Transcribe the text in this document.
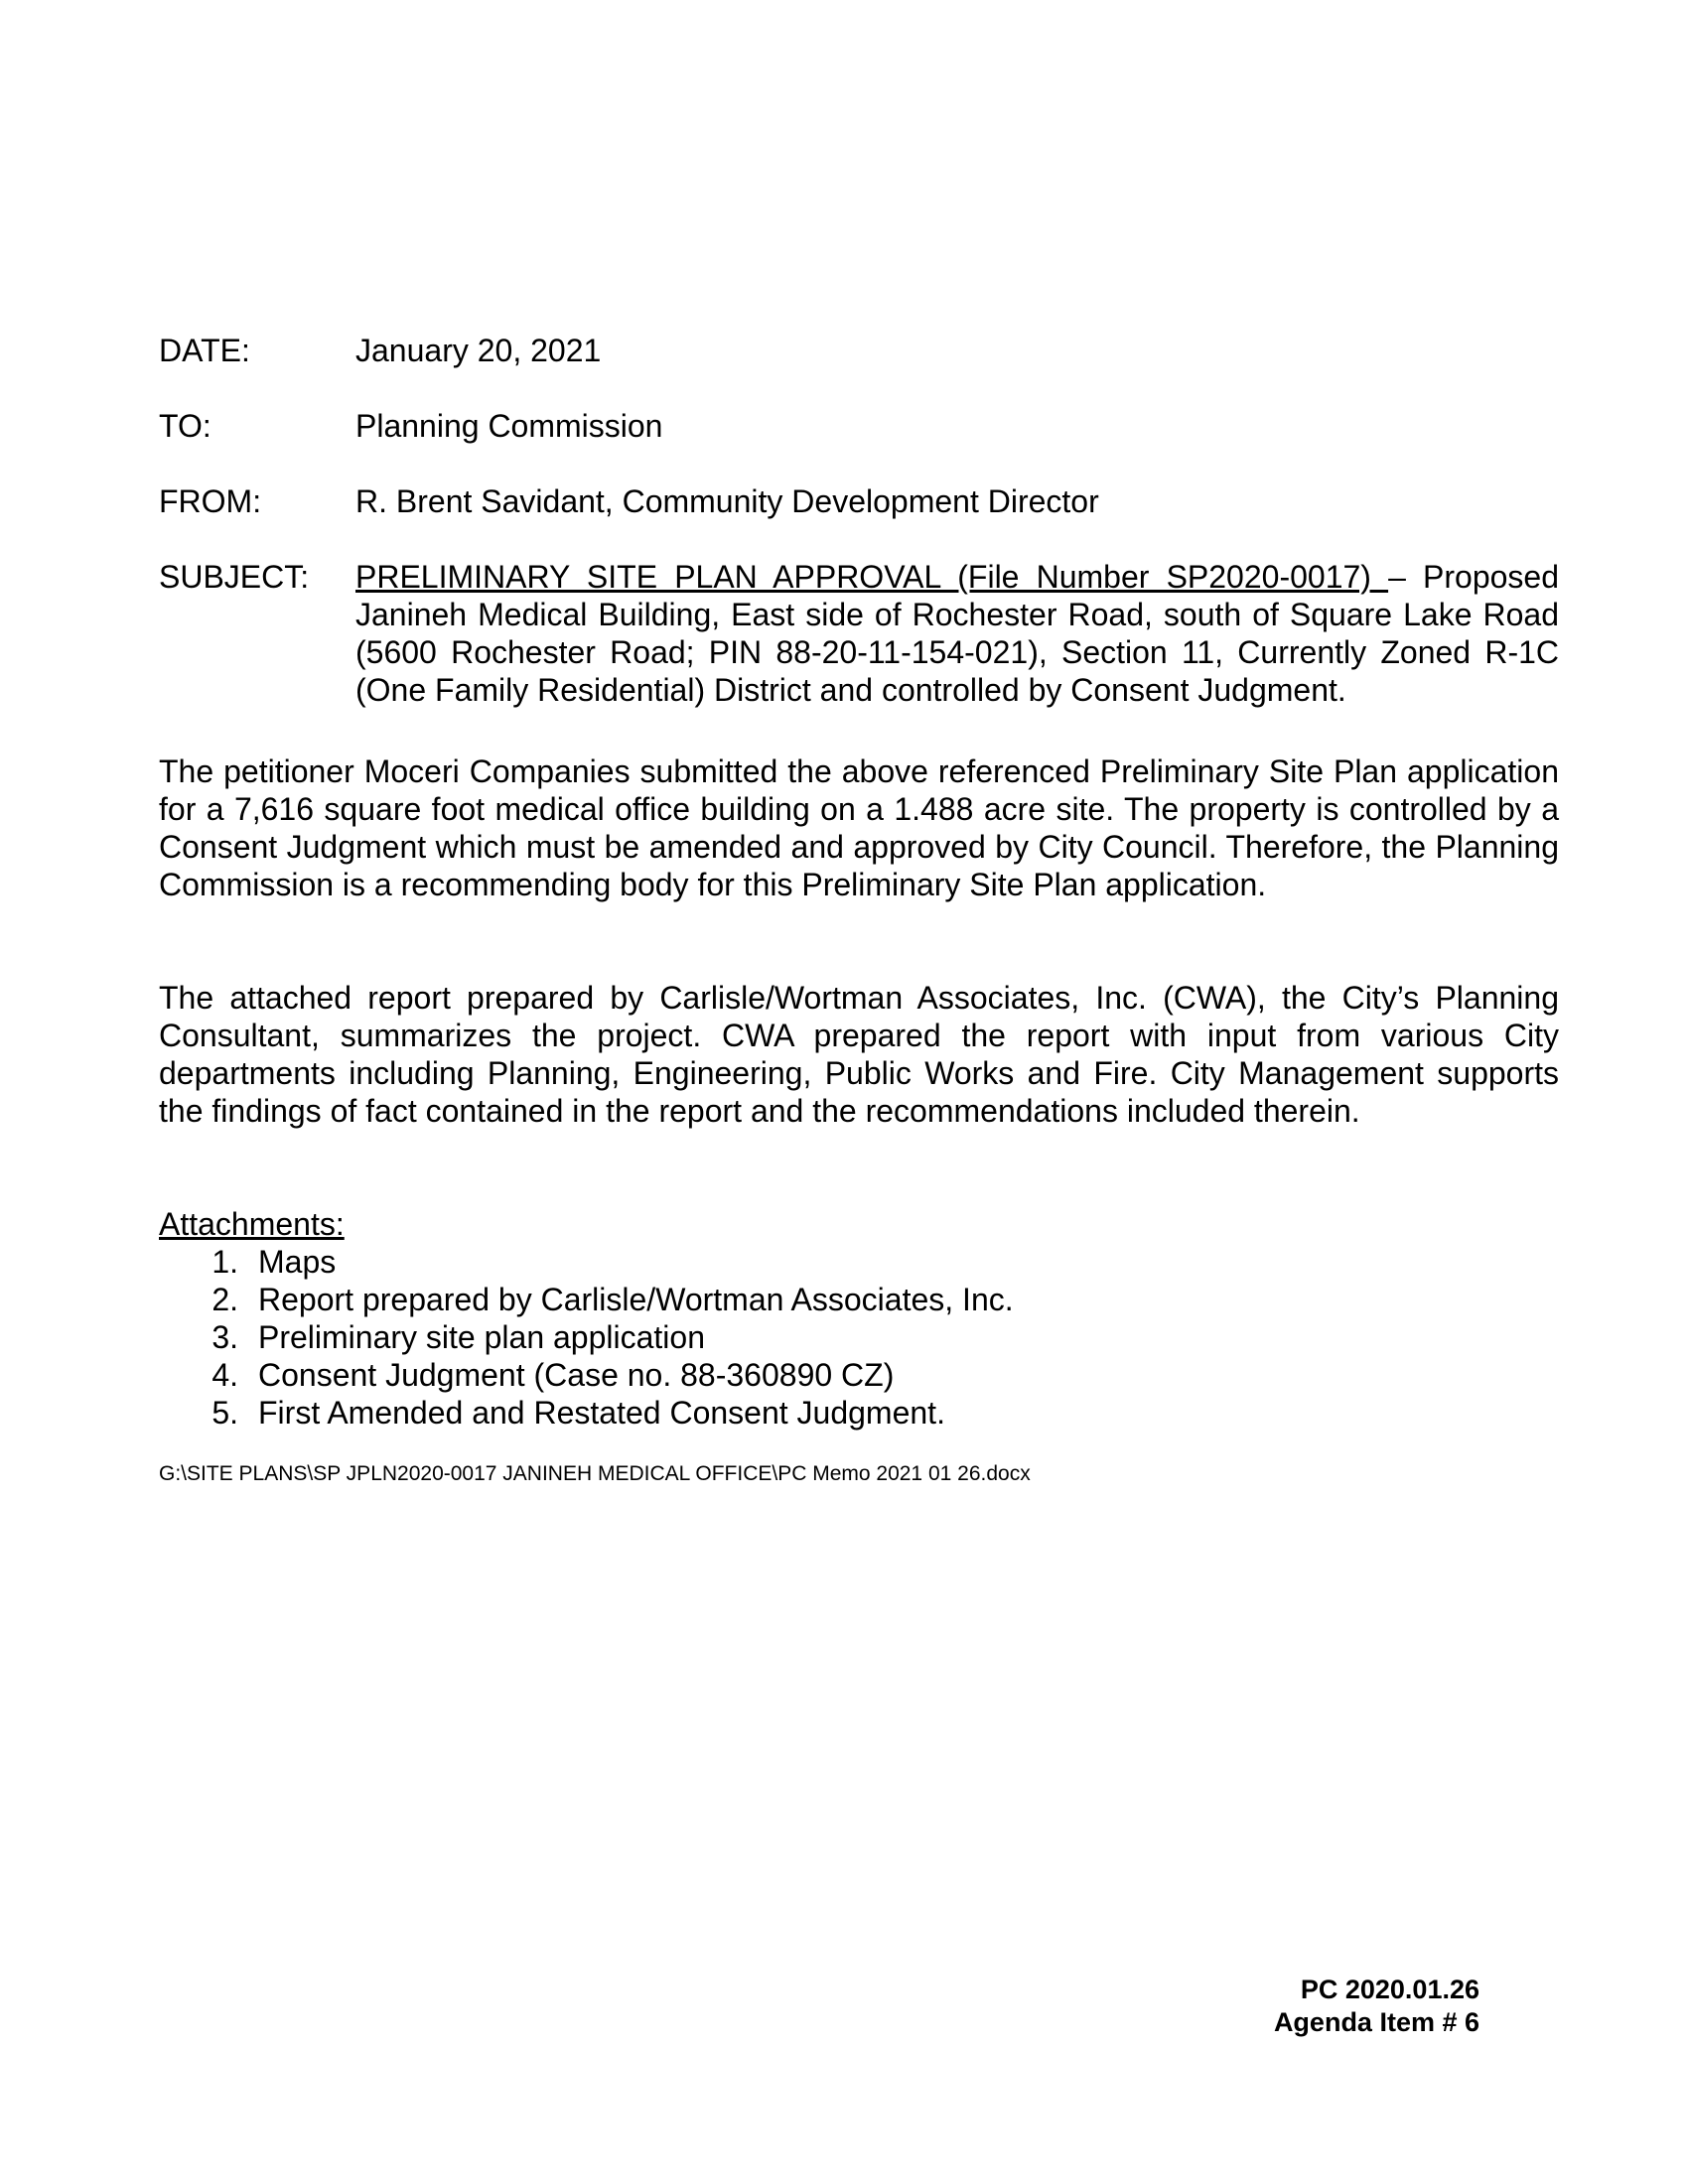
DATE:	January 20, 2021
TO:	Planning Commission
FROM:	R. Brent Savidant, Community Development Director
SUBJECT:	PRELIMINARY SITE PLAN APPROVAL (File Number SP2020-0017) – Proposed Janineh Medical Building, East side of Rochester Road, south of Square Lake Road (5600 Rochester Road; PIN 88-20-11-154-021), Section 11, Currently Zoned R-1C (One Family Residential) District and controlled by Consent Judgment.

The petitioner Moceri Companies submitted the above referenced Preliminary Site Plan application for a 7,616 square foot medical office building on a 1.488 acre site. The property is controlled by a Consent Judgment which must be amended and approved by City Council. Therefore, the Planning Commission is a recommending body for this Preliminary Site Plan application.

The attached report prepared by Carlisle/Wortman Associates, Inc. (CWA), the City’s Planning Consultant, summarizes the project. CWA prepared the report with input from various City departments including Planning, Engineering, Public Works and Fire. City Management supports the findings of fact contained in the report and the recommendations included therein.

Attachments:
1. Maps
2. Report prepared by Carlisle/Wortman Associates, Inc.
3. Preliminary site plan application
4. Consent Judgment (Case no. 88-360890 CZ)
5. First Amended and Restated Consent Judgment.
G:\SITE PLANS\SP JPLN2020-0017 JANINEH MEDICAL OFFICE\PC Memo 2021 01 26.docx
PC 2020.01.26
Agenda Item # 6
